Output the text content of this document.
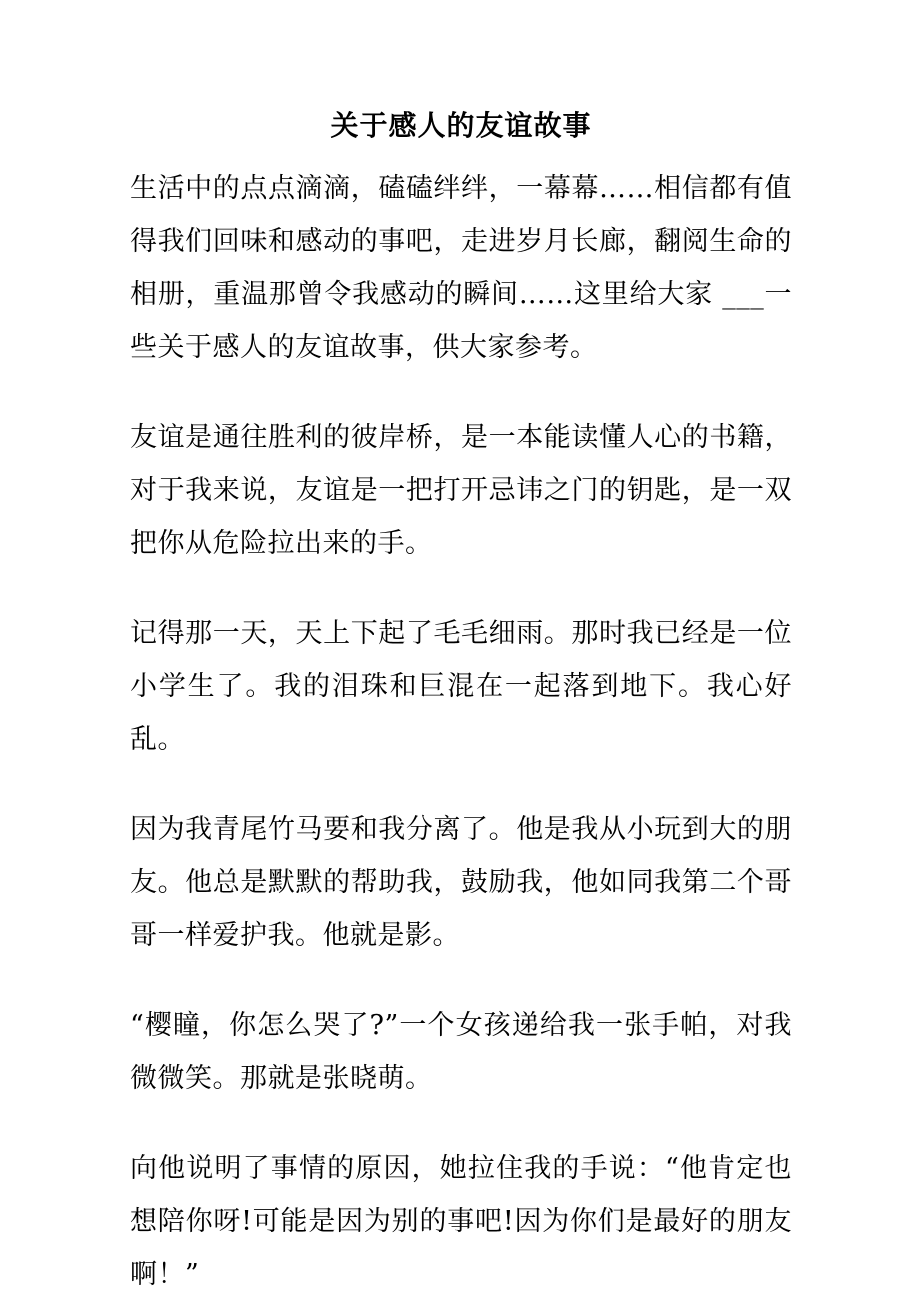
关于感人的友谊故事

生活中的点点滴滴，磕磕绊绊，一幕幕……相信都有值得我们回味和感动的事吧，走进岁月长廊，翻阅生命的相册，重温那曾令我感动的瞬间……这里给大家 ___一些关于感人的友谊故事，供大家参考。

友谊是通往胜利的彼岸桥，是一本能读懂人心的书籍，对于我来说，友谊是一把打开忌讳之门的钥匙，是一双把你从危险拉出来的手。

记得那一天，天上下起了毛毛细雨。那时我已经是一位小学生了。我的泪珠和巨混在一起落到地下。我心好乱。

因为我青尾竹马要和我分离了。他是我从小玩到大的朋友。他总是默默的帮助我，鼓励我，他如同我第二个哥哥一样爱护我。他就是影。

“樱瞳，你怎么哭了?”一个女孩递给我一张手帕，对我微微笑。那就是张晓萌。

向他说明了事情的原因，她拉住我的手说：“他肯定也想陪你呀!可能是因为别的事吧!因为你们是最好的朋友啊！”
